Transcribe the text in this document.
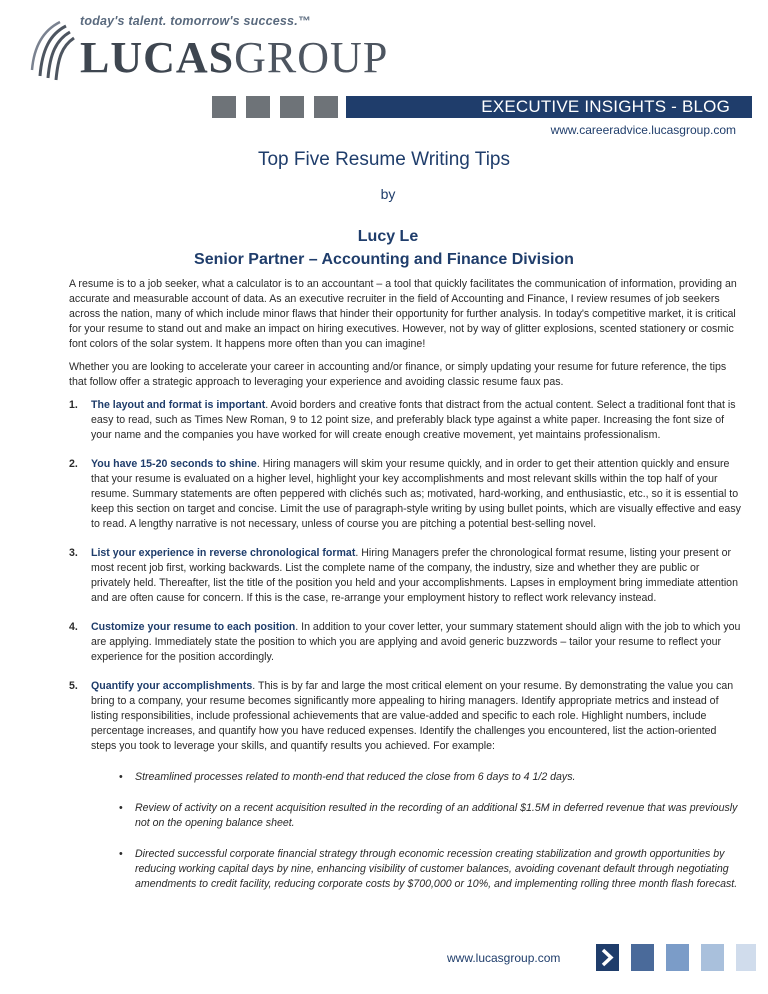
today's talent. tomorrow's success.™
LUCASGROUP
EXECUTIVE INSIGHTS - BLOG
www.careeradvice.lucasgroup.com
Top Five Resume Writing Tips
by
Lucy Le
Senior Partner – Accounting and Finance Division

A resume is to a job seeker, what a calculator is to an accountant – a tool that quickly facilitates the communication of information, providing an accurate and measurable account of data. As an executive recruiter in the field of Accounting and Finance, I review resumes of job seekers across the nation, many of which include minor flaws that hinder their opportunity for further analysis. In today's competitive market, it is critical for your resume to stand out and make an impact on hiring executives. However, not by way of glitter explosions, scented stationery or cosmic font colors of the solar system. It happens more often than you can imagine!

Whether you are looking to accelerate your career in accounting and/or finance, or simply updating your resume for future reference, the tips that follow offer a strategic approach to leveraging your experience and avoiding classic resume faux pas.

1. The layout and format is important. Avoid borders and creative fonts that distract from the actual content. Select a traditional font that is easy to read, such as Times New Roman, 9 to 12 point size, and preferably black type against a white paper. Increasing the font size of your name and the companies you have worked for will create enough creative movement, yet maintains professionalism.
2. You have 15-20 seconds to shine. Hiring managers will skim your resume quickly, and in order to get their attention quickly and ensure that your resume is evaluated on a higher level, highlight your key accomplishments and most relevant skills within the top half of your resume. Summary statements are often peppered with clichés such as; motivated, hard-working, and enthusiastic, etc., so it is essential to keep this section on target and concise. Limit the use of paragraph-style writing by using bullet points, which are visually effective and easy to read. A lengthy narrative is not necessary, unless of course you are pitching a potential best-selling novel.
3. List your experience in reverse chronological format. Hiring Managers prefer the chronological format resume, listing your present or most recent job first, working backwards. List the complete name of the company, the industry, size and whether they are public or privately held. Thereafter, list the title of the position you held and your accomplishments. Lapses in employment bring immediate attention and are often cause for concern. If this is the case, re-arrange your employment history to reflect work relevancy instead.
4. Customize your resume to each position. In addition to your cover letter, your summary statement should align with the job to which you are applying. Immediately state the position to which you are applying and avoid generic buzzwords – tailor your resume to reflect your experience for the position accordingly.
5. Quantify your accomplishments. This is by far and large the most critical element on your resume. By demonstrating the value you can bring to a company, your resume becomes significantly more appealing to hiring managers. Identify appropriate metrics and instead of listing responsibilities, include professional achievements that are value-added and specific to each role. Highlight numbers, include percentage increases, and quantify how you have reduced expenses. Identify the challenges you encountered, list the action-oriented steps you took to leverage your skills, and quantify results you achieved. For example:
• Streamlined processes related to month-end that reduced the close from 6 days to 4 1/2 days.
• Review of activity on a recent acquisition resulted in the recording of an additional $1.5M in deferred revenue that was previously not on the opening balance sheet.
• Directed successful corporate financial strategy through economic recession creating stabilization and growth opportunities by reducing working capital days by nine, enhancing visibility of customer balances, avoiding covenant default through negotiating amendments to credit facility, reducing corporate costs by $700,000 or 10%, and implementing rolling three month flash forecast.
www.lucasgroup.com
